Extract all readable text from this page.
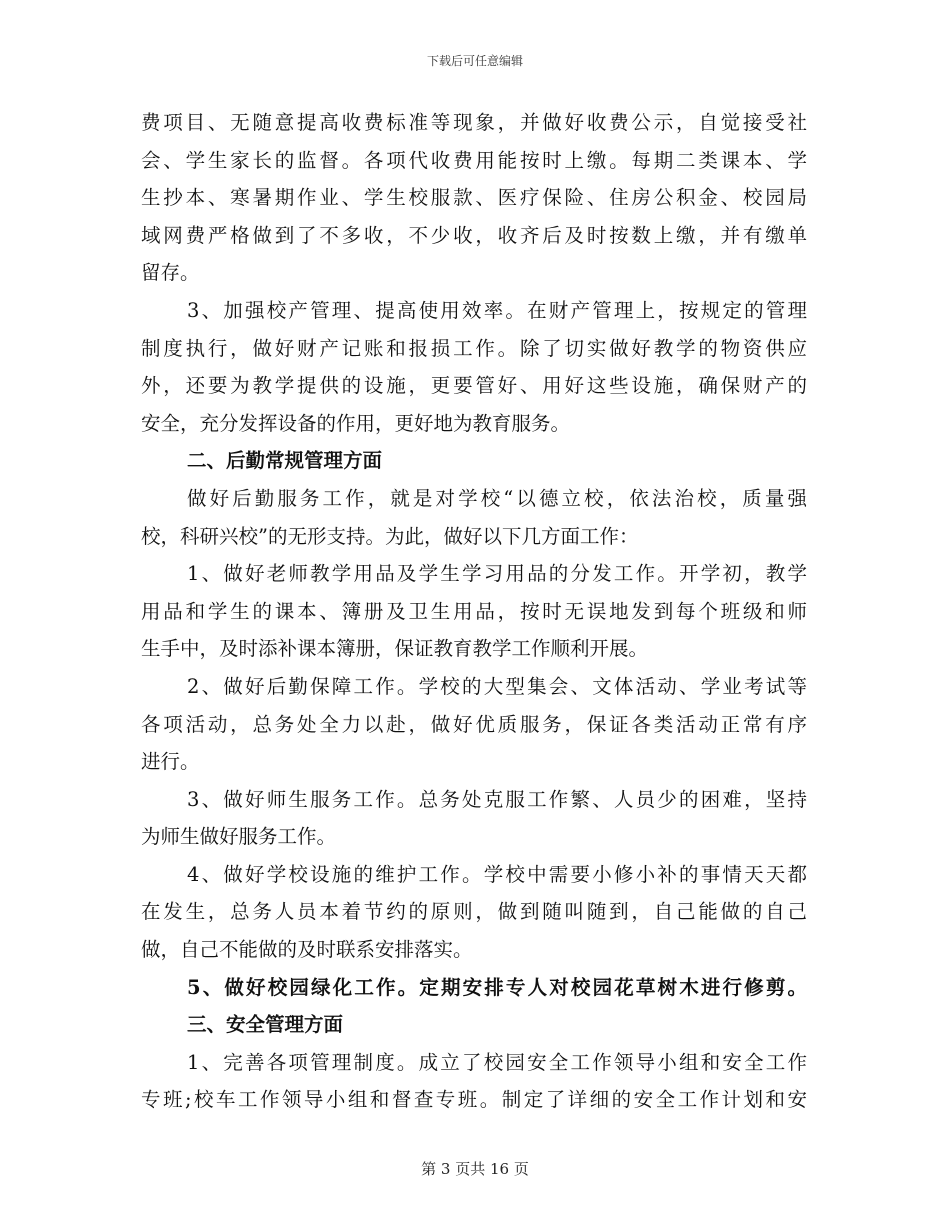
下载后可任意编辑
费项目、无随意提高收费标准等现象，并做好收费公示，自觉接受社
会、学生家长的监督。各项代收费用能按时上缴。每期二类课本、学
生抄本、寒暑期作业、学生校服款、医疗保险、住房公积金、校园局
域网费严格做到了不多收，不少收，收齐后及时按数上缴，并有缴单
留存。
3、加强校产管理、提高使用效率。在财产管理上，按规定的管理
制度执行，做好财产记账和报损工作。除了切实做好教学的物资供应
外，还要为教学提供的设施，更要管好、用好这些设施，确保财产的
安全，充分发挥设备的作用，更好地为教育服务。
二、后勤常规管理方面
做好后勤服务工作，就是对学校“以德立校，依法治校，质量强
校，科研兴校”的无形支持。为此，做好以下几方面工作：
1、做好老师教学用品及学生学习用品的分发工作。开学初，教学
用品和学生的课本、簿册及卫生用品，按时无误地发到每个班级和师
生手中，及时添补课本簿册，保证教育教学工作顺利开展。
2、做好后勤保障工作。学校的大型集会、文体活动、学业考试等
各项活动，总务处全力以赴，做好优质服务，保证各类活动正常有序
进行。
3、做好师生服务工作。总务处克服工作繁、人员少的困难，坚持
为师生做好服务工作。
4、做好学校设施的维护工作。学校中需要小修小补的事情天天都
在发生，总务人员本着节约的原则，做到随叫随到，自己能做的自己
做，自己不能做的及时联系安排落实。
5、做好校园绿化工作。定期安排专人对校园花草树木进行修剪。
三、安全管理方面
1、完善各项管理制度。成立了校园安全工作领导小组和安全工作
专班;校车工作领导小组和督查专班。制定了详细的安全工作计划和安
第 3 页共 16 页
